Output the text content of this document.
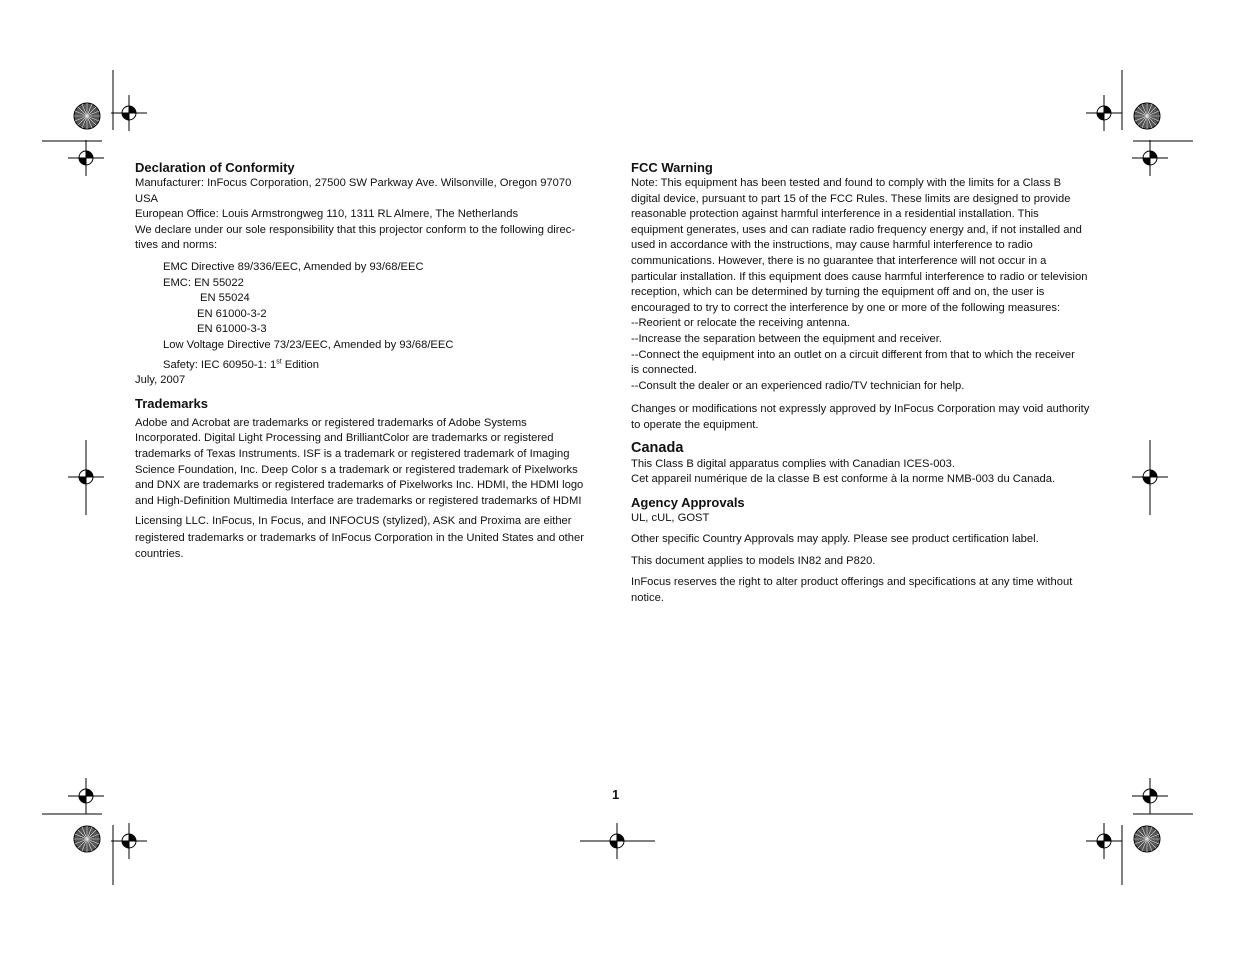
Declaration of Conformity

Manufacturer: InFocus Corporation, 27500 SW Parkway Ave. Wilsonville, Oregon 97070

USA

European Office: Louis Armstrongweg 110, 1311 RL Almere, The Netherlands

We declare under our sole responsibility that this projector conform to the following direc-

tives and norms:

EMC Directive 89/336/EEC, Amended by 93/68/EEC

EMC: EN 55022

EN 55024

EN 61000-3-2

EN 61000-3-3

Low Voltage Directive 73/23/EEC, Amended by 93/68/EEC

Safety: IEC 60950-1: 1st Edition

July, 2007

Trademarks

Adobe and Acrobat are trademarks or registered trademarks of Adobe Systems

Incorporated. Digital Light Processing and BrilliantColor are trademarks or registered

trademarks of Texas Instruments. ISF is a trademark or registered trademark of Imaging

Science Foundation, Inc. Deep Color s a trademark or registered trademark of Pixelworks

and DNX are trademarks or registered trademarks of Pixelworks Inc. HDMI, the HDMI logo

and High-Definition Multimedia Interface are trademarks or registered trademarks of HDMI

Licensing LLC. InFocus, In Focus, and INFOCUS (stylized), ASK and Proxima are either

registered trademarks or trademarks of InFocus Corporation in the United States and other

countries.

FCC Warning

Note: This equipment has been tested and found to comply with the limits for a Class B

digital device, pursuant to part 15 of the FCC Rules. These limits are designed to provide

reasonable protection against harmful interference in a residential installation. This

equipment generates, uses and can radiate radio frequency energy and, if not installed and

used in accordance with the instructions, may cause harmful interference to radio

communications. However, there is no guarantee that interference will not occur in a

particular installation. If this equipment does cause harmful interference to radio or television

reception, which can be determined by turning the equipment off and on, the user is

encouraged to try to correct the interference by one or more of the following measures:

--Reorient or relocate the receiving antenna.

--Increase the separation between the equipment and receiver.

--Connect the equipment into an outlet on a circuit different from that to which the receiver

is connected.

--Consult the dealer or an experienced radio/TV technician for help.

Changes or modifications not expressly approved by InFocus Corporation may void authority

to operate the equipment.

Canada

This Class B digital apparatus complies with Canadian ICES-003.

Cet appareil numérique de la classe B est conforme à la norme NMB-003 du Canada.

Agency Approvals

UL, cUL, GOST

Other specific Country Approvals may apply. Please see product certification label.

This document applies to models IN82 and P820.

InFocus reserves the right to alter product offerings and specifications at any time without

notice.

1
